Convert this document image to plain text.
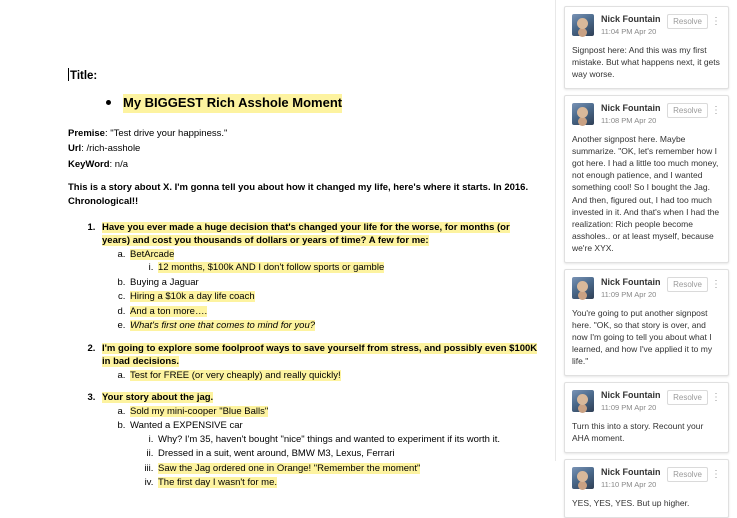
Title:
My BIGGEST Rich Asshole Moment
Premise: "Test drive your happiness."
Url: /rich-asshole
KeyWord: n/a
This is a story about X. I'm gonna tell you about how it changed my life, here's where it starts. In 2016. Chronological!!
1. Have you ever made a huge decision that's changed your life for the worse, for months (or years) and cost you thousands of dollars or years of time? A few for me:
a. BetArcade
i. 12 months, $100k AND I don't follow sports or gamble
b. Buying a Jaguar
c. Hiring a $10k a day life coach
d. And a ton more….
e. What's first one that comes to mind for you?
2. I'm going to explore some foolproof ways to save yourself from stress, and possibly even $100K in bad decisions.
a. Test for FREE (or very cheaply) and really quickly!
3. Your story about the jag.
a. Sold my mini-cooper "Blue Balls"
b. Wanted a EXPENSIVE car
i. Why? I'm 35, haven't bought "nice" things and wanted to experiment if its worth it.
ii. Dressed in a suit, went around, BMW M3, Lexus, Ferrari
iii. Saw the Jag ordered one in Orange! "Remember the moment"
iv. The first day I wasn't for me.
Nick Fountain
11:04 PM Apr 20
Resolve ⋮
Signpost here: And this was my first mistake. But what happens next, it gets way worse.
Nick Fountain
11:08 PM Apr 20
Resolve ⋮
Another signpost here. Maybe summarize. "OK, let's remember how I got here. I had a little too much money, not enough patience, and I wanted something cool! So I bought the Jag. And then, figured out, I had too much invested in it. And that's when I had the realization: Rich people become assholes.. or at least myself, because we're XYX.
Nick Fountain
11:09 PM Apr 20
Resolve ⋮
You're going to put another signpost here. "OK, so that story is over, and now I'm going to tell you about what I learned, and how I've applied it to my life."
Nick Fountain
11:09 PM Apr 20
Resolve ⋮
Turn this into a story. Recount your AHA moment.
Nick Fountain
11:10 PM Apr 20
Resolve ⋮
YES, YES, YES. But up higher.
